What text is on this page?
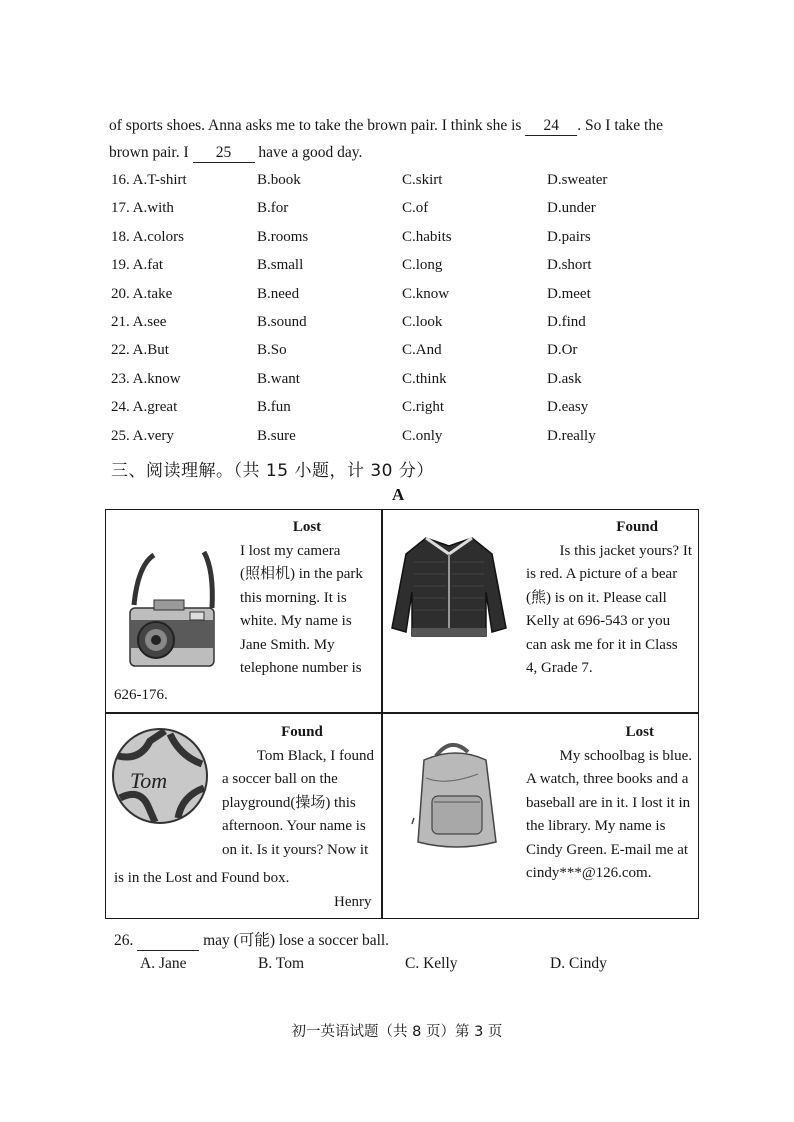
of sports shoes. Anna asks me to take the brown pair. I think she is 24 . So I take the
brown pair. I 25 have a good day.
16. A.T-shirt	B.book	C.skirt	D.sweater
17. A.with	B.for	C.of	D.under
18. A.colors	B.rooms	C.habits	D.pairs
19. A.fat	B.small	C.long	D.short
20. A.take	B.need	C.know	D.meet
21. A.see	B.sound	C.look	D.find
22. A.But	B.So	C.And	D.Or
23. A.know	B.want	C.think	D.ask
24. A.great	B.fun	C.right	D.easy
25. A.very	B.sure	C.only	D.really
三、阅读理解。（共 15 小题，计 30 分）
A
Lost
I lost my camera
(照相机) in the park
this morning. It is
white. My name is
Jane Smith. My
telephone number is
626-176.
Found
Is this jacket yours? It
is red. A picture of a bear
(熊) is on it. Please call
Kelly at 696-543 or you
can ask me for it in Class
4, Grade 7.
Tom
Found
Tom Black, I found
a soccer ball on the
playground(操场) this
afternoon. Your name is
on it. Is it yours? Now it
is in the Lost and Found box.
Henry
Lost
My schoolbag is blue.
A watch, three books and a
baseball are in it. I lost it in
the library. My name is
Cindy Green. E-mail me at
cindy***@126.com.
26.	may (可能) lose a soccer ball.
A. Jane	B. Tom	C. Kelly	D. Cindy
初一英语试题（共 8 页）第 3 页
